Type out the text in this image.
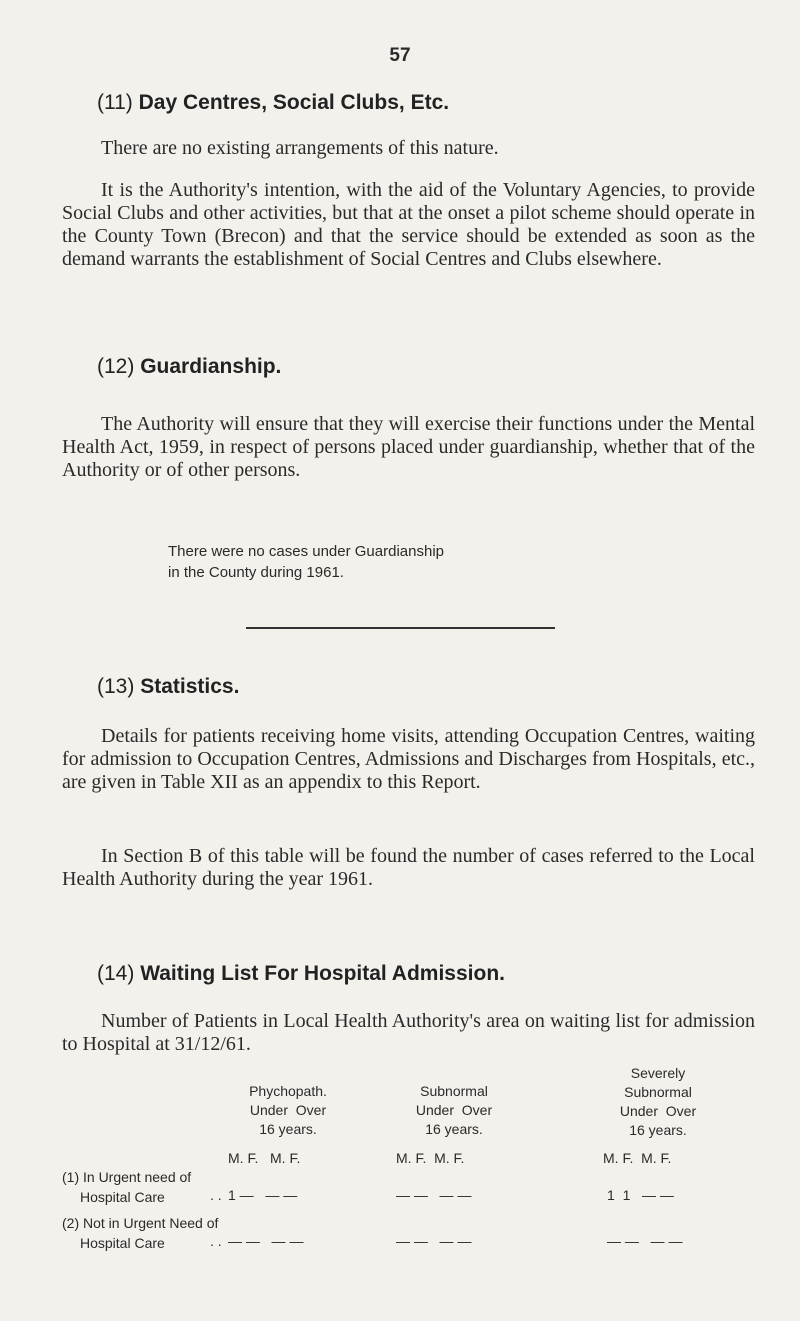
57
(11) Day Centres, Social Clubs, Etc.
There are no existing arrangements of this nature.
It is the Authority's intention, with the aid of the Voluntary Agencies, to provide Social Clubs and other activities, but that at the onset a pilot scheme should operate in the County Town (Brecon) and that the service should be extended as soon as the demand warrants the establishment of Social Centres and Clubs elsewhere.
(12) Guardianship.
The Authority will ensure that they will exercise their functions under the Mental Health Act, 1959, in respect of persons placed under guardianship, whether that of the Authority or of other persons.
There were no cases under Guardianship
in the County during 1961.
(13) Statistics.
Details for patients receiving home visits, attending Occupation Centres, waiting for admission to Occupation Centres, Admissions and Discharges from Hospitals, etc., are given in Table XII as an appendix to this Report.
In Section B of this table will be found the number of cases referred to the Local Health Authority during the year 1961.
(14) Waiting List For Hospital Admission.
Number of Patients in Local Health Authority's area on waiting list for admission to Hospital at 31/12/61.
Phychopath.
Under  Over
16 years.
Subnormal
Under  Over
16 years.
Severely
Subnormal
Under  Over
16 years.
M. F.   M. F.	M. F.  M. F.	M. F.  M. F.
(1) In Urgent need of
Hospital Care	. . 1 —   — —	— —   — —	1  1   — —
(2) Not in Urgent Need of
Hospital Care	. . — —   — —	— —   — —	— —   — —
